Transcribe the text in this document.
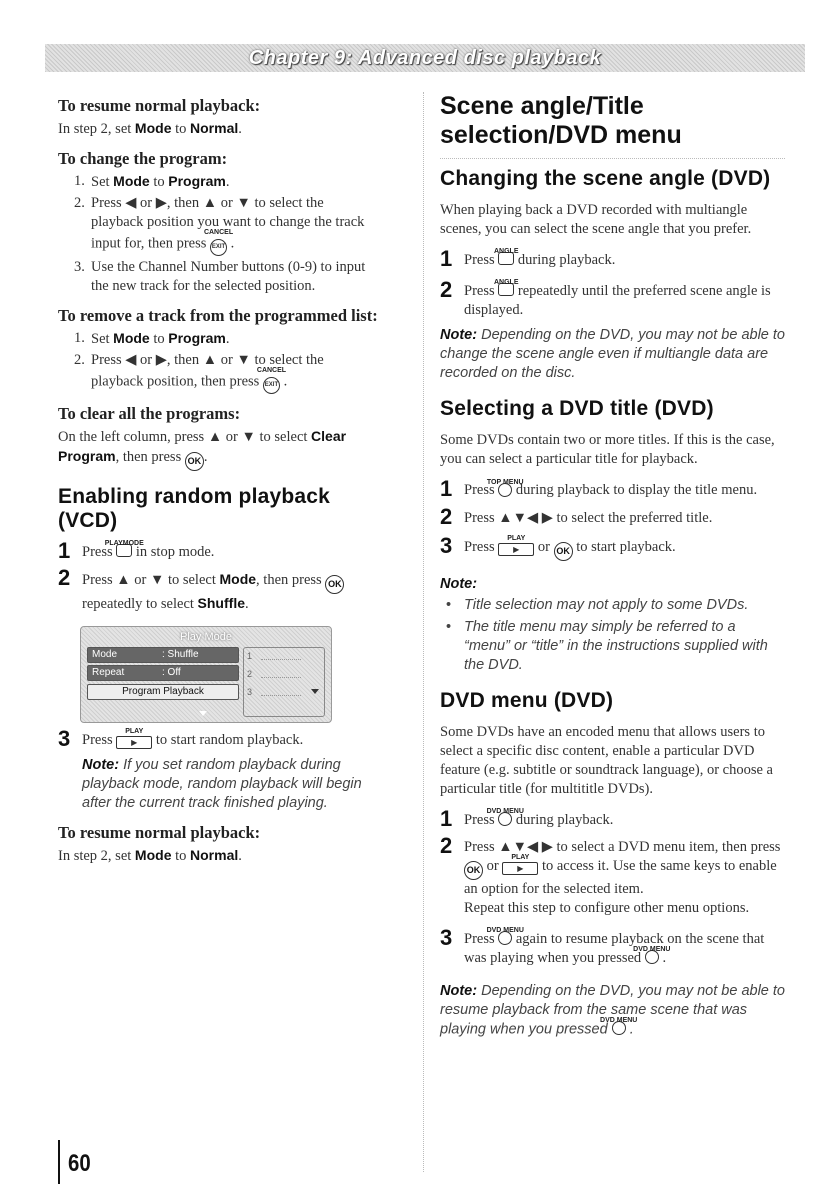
Chapter 9: Advanced disc playback
To resume normal playback:

In step 2, set Mode to Normal.

To change the program:
1. Set Mode to Program.
2. Press ◀ or ▶, then ▲ or ▼ to select the playback position you want to change the track input for, then press
CANCEL
EXIT .
3. Use the Channel Number buttons (0-9) to input the new track for the selected position.
To remove a track from the programmed list:
1. Set Mode to Program.
2. Press ◀ or ▶, then ▲ or ▼ to select the playback position, then press
CANCEL
EXIT .
To clear all the programs:

On the left column, press ▲ or ▼ to select Clear Program, then press OK .

Enabling random playback (VCD)
1 Press
PLAYMODE
in stop mode.
2 Press ▲ or ▼ to select Mode, then press OK repeatedly to select Shuffle.
Play Mode
Mode	: Shuffle
Repeat	: Off
Program Playback
1
2
3
3 Press
PLAY
▶ to start random playback.
Note: If you set random playback during playback mode, random playback will begin after the current track finished playing.
To resume normal playback:

In step 2, set Mode to Normal.

Scene angle/Title selection/DVD menu
Changing the scene angle (DVD)

When playing back a DVD recorded with multiangle scenes, you can select the scene angle that you prefer.

1 Press
ANGLE
during playback.
2 Press
ANGLE
repeatedly until the preferred scene angle is displayed.
Note: Depending on the DVD, you may not be able to change the scene angle even if multiangle data are recorded on the disc.
Selecting a DVD title (DVD)

Some DVDs contain two or more titles. If this is the case, you can select a particular title for playback.

1 Press
TOP MENU
during playback to display the title menu.
2 Press ▲▼◀ ▶ to select the preferred title.
3 Press
PLAY
▶ or OK to start playback.
Note:
• Title selection may not apply to some DVDs.
• The title menu may simply be referred to a “menu” or “title” in the instructions supplied with the DVD.
DVD menu (DVD)

Some DVDs have an encoded menu that allows users to select a specific disc content, enable a particular DVD feature (e.g. subtitle or soundtrack language), or choose a particular title (for multititle DVDs).

1 Press
DVD MENU
during playback.
2 Press ▲▼◀ ▶ to select a DVD menu item, then press OK or
PLAY
▶ to access it. Use the same keys to enable an option for the selected item.
Repeat this step to configure other menu options.
3 Press
DVD MENU
again to resume playback on the scene that was playing when you pressed
DVD MENU
.
Note: Depending on the DVD, you may not be able to resume playback from the same scene that was playing when you pressed
DVD MENU
.
60
